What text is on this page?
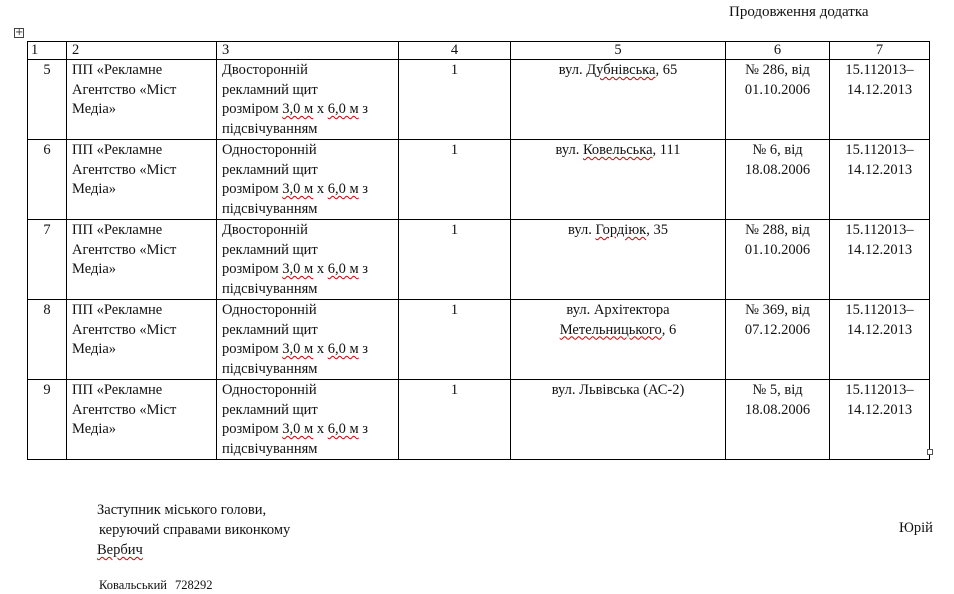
Продовження додатка
+
1	2	3	4	5	6	7
5	ПП «Рекламне
Агентство «Міст
Медіа»	Двосторонній
рекламний щит
розміром 3,0 м х 6,0 м з
підсвічуванням	1	вул. Дубнівська, 65	№ 286, від
01.10.2006	15.112013–
14.12.2013
6	ПП «Рекламне
Агентство «Міст
Медіа»	Односторонній
рекламний щит
розміром 3,0 м х 6,0 м з
підсвічуванням	1	вул. Ковельська, 111	№ 6, від
18.08.2006	15.112013–
14.12.2013
7	ПП «Рекламне
Агентство «Міст
Медіа»	Двосторонній
рекламний щит
розміром 3,0 м х 6,0 м з
підсвічуванням	1	вул. Гордіюк, 35	№ 288, від
01.10.2006	15.112013–
14.12.2013
8	ПП «Рекламне
Агентство «Міст
Медіа»	Односторонній
рекламний щит
розміром 3,0 м х 6,0 м з
підсвічуванням	1	вул. Архітектора
Метельницького, 6	№ 369, від
07.12.2006	15.112013–
14.12.2013
9	ПП «Рекламне
Агентство «Міст
Медіа»	Односторонній
рекламний щит
розміром 3,0 м х 6,0 м з
підсвічуванням	1	вул. Львівська (АС-2)	№ 5, від
18.08.2006	15.112013–
14.12.2013
Заступник міського голови,
керуючий справами виконкому
Вербич
Юрій
Ковальський 728292
